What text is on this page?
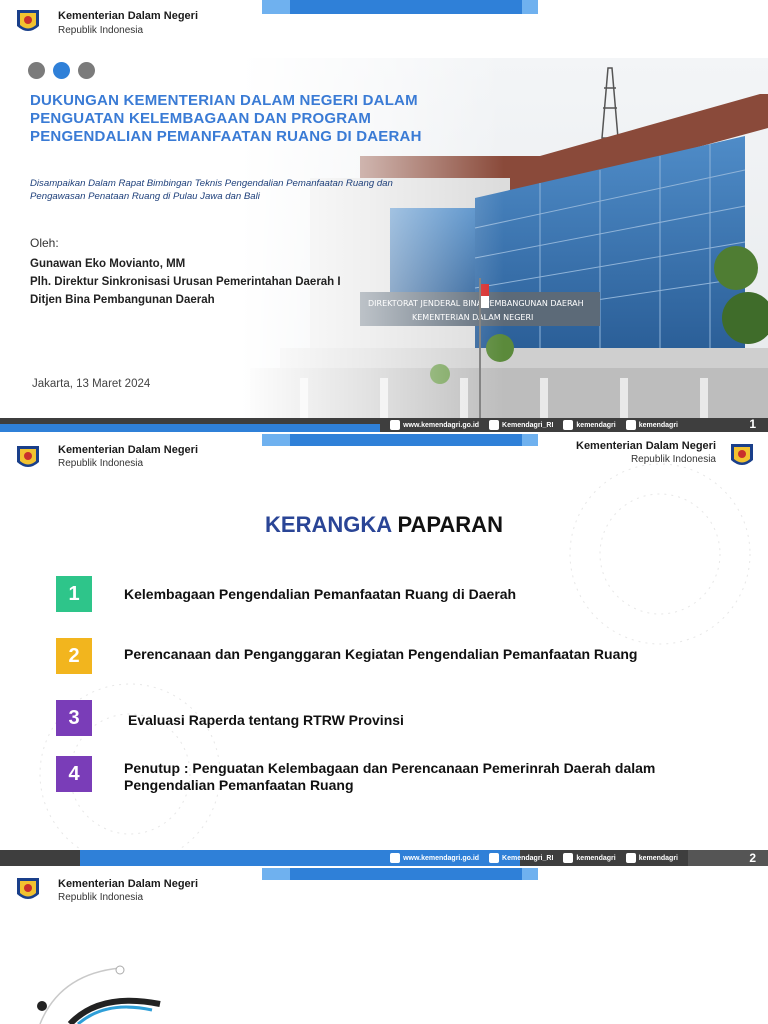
Kementerian Dalam Negeri
Republik Indonesia
DUKUNGAN KEMENTERIAN DALAM NEGERI DALAM PENGUATAN KELEMBAGAAN DAN PROGRAM PENGENDALIAN PEMANFAATAN RUANG DI DAERAH
Disampaikan Dalam Rapat Bimbingan Teknis Pengendalian Pemanfaatan Ruang dan Pengawasan Penataan Ruang di Pulau Jawa dan Bali
Oleh:
Gunawan Eko Movianto, MM
Plh. Direktur Sinkronisasi Urusan Pemerintahan Daerah I
Ditjen Bina Pembangunan Daerah
Jakarta, 13 Maret 2024
www.kemendagri.go.id	Kemendagri_RI	kemendagri	kemendagri	1
Kementerian Dalam Negeri
Republik Indonesia
Kementerian Dalam Negeri
Republik Indonesia
KERANGKA PAPARAN
1	Kelembagaan Pengendalian Pemanfaatan Ruang di Daerah
2	Perencanaan dan Penganggaran Kegiatan Pengendalian Pemanfaatan Ruang
3	Evaluasi Raperda tentang RTRW Provinsi
4	Penutup : Penguatan Kelembagaan dan Perencanaan Pemerinrah Daerah dalam Pengendalian Pemanfaatan Ruang
www.kemendagri.go.id	Kemendagri_RI	kemendagri	kemendagri	2
Kementerian Dalam Negeri
Republik Indonesia
